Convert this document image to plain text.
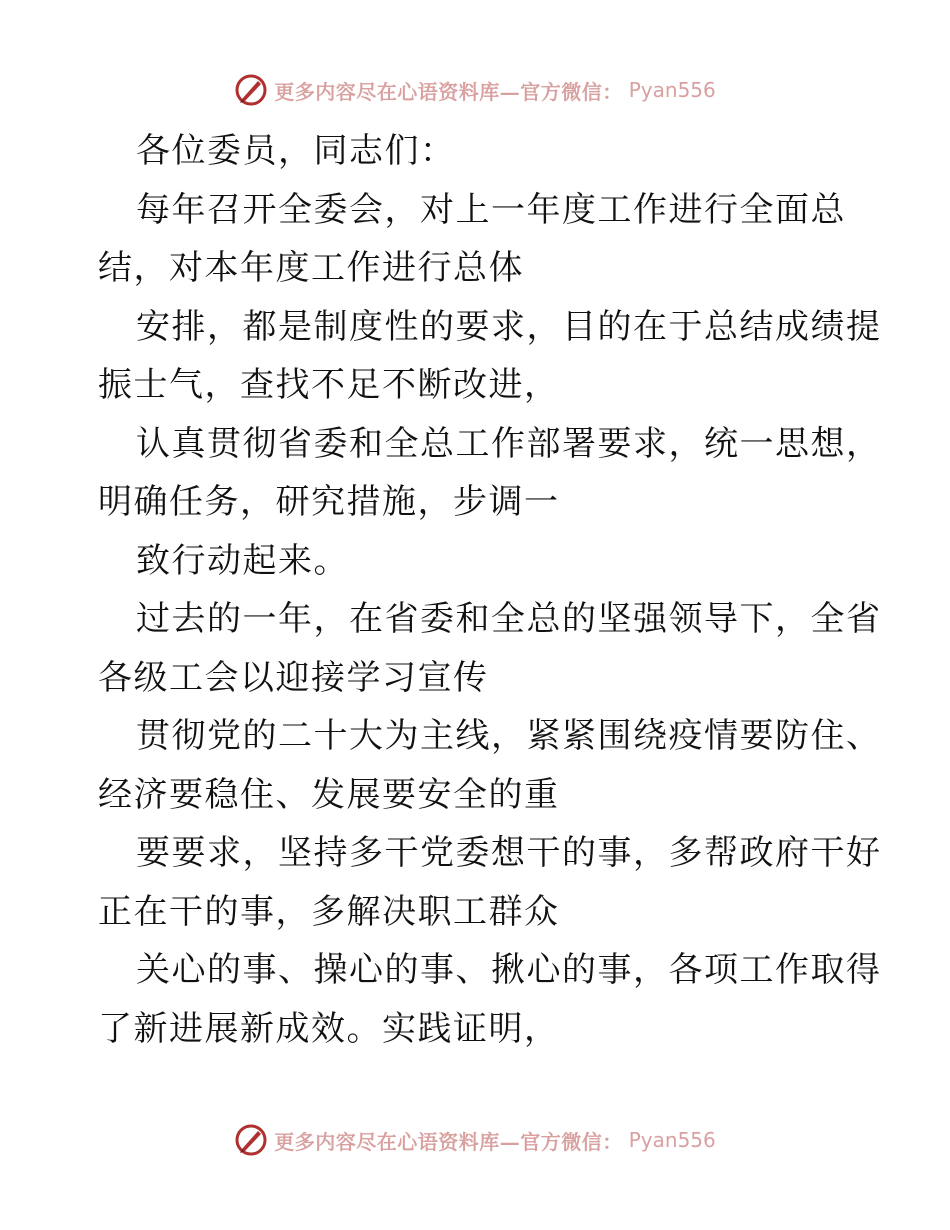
更多内容尽在心语资料库—官方微信： Pyan556
各位委员，同志们：
每年召开全委会，对上一年度工作进行全面总
结，对本年度工作进行总体
安排，都是制度性的要求，目的在于总结成绩提
振士气，查找不足不断改进，
认真贯彻省委和全总工作部署要求，统一思想，
明确任务，研究措施，步调一
致行动起来。
过去的一年，在省委和全总的坚强领导下，全省
各级工会以迎接学习宣传
贯彻党的二十大为主线，紧紧围绕疫情要防住、
经济要稳住、发展要安全的重
要要求，坚持多干党委想干的事，多帮政府干好
正在干的事，多解决职工群众
关心的事、操心的事、揪心的事，各项工作取得
了新进展新成效。实践证明，
更多内容尽在心语资料库—官方微信： Pyan556
